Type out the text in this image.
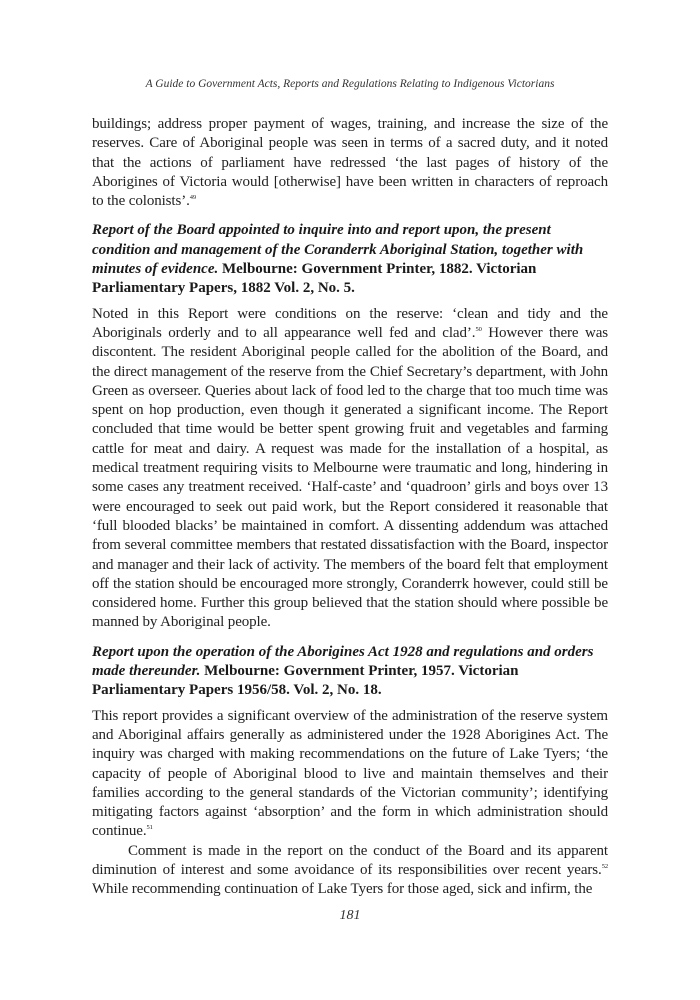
A Guide to Government Acts, Reports and Regulations Relating to Indigenous Victorians

buildings; address proper payment of wages, training, and increase the size of the reserves. Care of Aboriginal people was seen in terms of a sacred duty, and it noted that the actions of parliament have redressed ‘the last pages of history of the Aborigines of Victoria would [otherwise] have been written in characters of reproach to the colonists’.$^{49}$

Report of the Board appointed to inquire into and report upon, the present condition and management of the Coranderrk Aboriginal Station, together with minutes of evidence. Melbourne: Government Printer, 1882. Victorian Parliamentary Papers, 1882 Vol. 2, No. 5.

Noted in this Report were conditions on the reserve: ‘clean and tidy and the Aboriginals orderly and to all appearance well fed and clad’.$^{50}$ However there was discontent. The resident Aboriginal people called for the abolition of the Board, and the direct management of the reserve from the Chief Secretary’s department, with John Green as overseer. Queries about lack of food led to the charge that too much time was spent on hop production, even though it generated a significant income. The Report concluded that time would be better spent growing fruit and vegetables and farming cattle for meat and dairy. A request was made for the installation of a hospital, as medical treatment requiring visits to Melbourne were traumatic and long, hindering in some cases any treatment received. ‘Half-caste’ and ‘quadroon’ girls and boys over 13 were encouraged to seek out paid work, but the Report considered it reasonable that ‘full blooded blacks’ be maintained in comfort. A dissenting addendum was attached from several committee members that restated dissatisfaction with the Board, inspector and manager and their lack of activity. The members of the board felt that employment off the station should be encouraged more strongly, Coranderrk however, could still be considered home. Further this group believed that the station should where possible be manned by Aboriginal people.

Report upon the operation of the Aborigines Act 1928 and regulations and orders made thereunder. Melbourne: Government Printer, 1957. Victorian Parliamentary Papers 1956/58. Vol. 2, No. 18.

This report provides a significant overview of the administration of the reserve system and Aboriginal affairs generally as administered under the 1928 Aborigines Act. The inquiry was charged with making recommendations on the future of Lake Tyers; ‘the capacity of people of Aboriginal blood to live and maintain themselves and their families according to the general standards of the Victorian community’; identifying mitigating factors against ‘absorption’ and the form in which administration should continue.$^{51}$

Comment is made in the report on the conduct of the Board and its apparent diminution of interest and some avoidance of its responsibilities over recent years.$^{52}$ While recommending continuation of Lake Tyers for those aged, sick and infirm, the

181
